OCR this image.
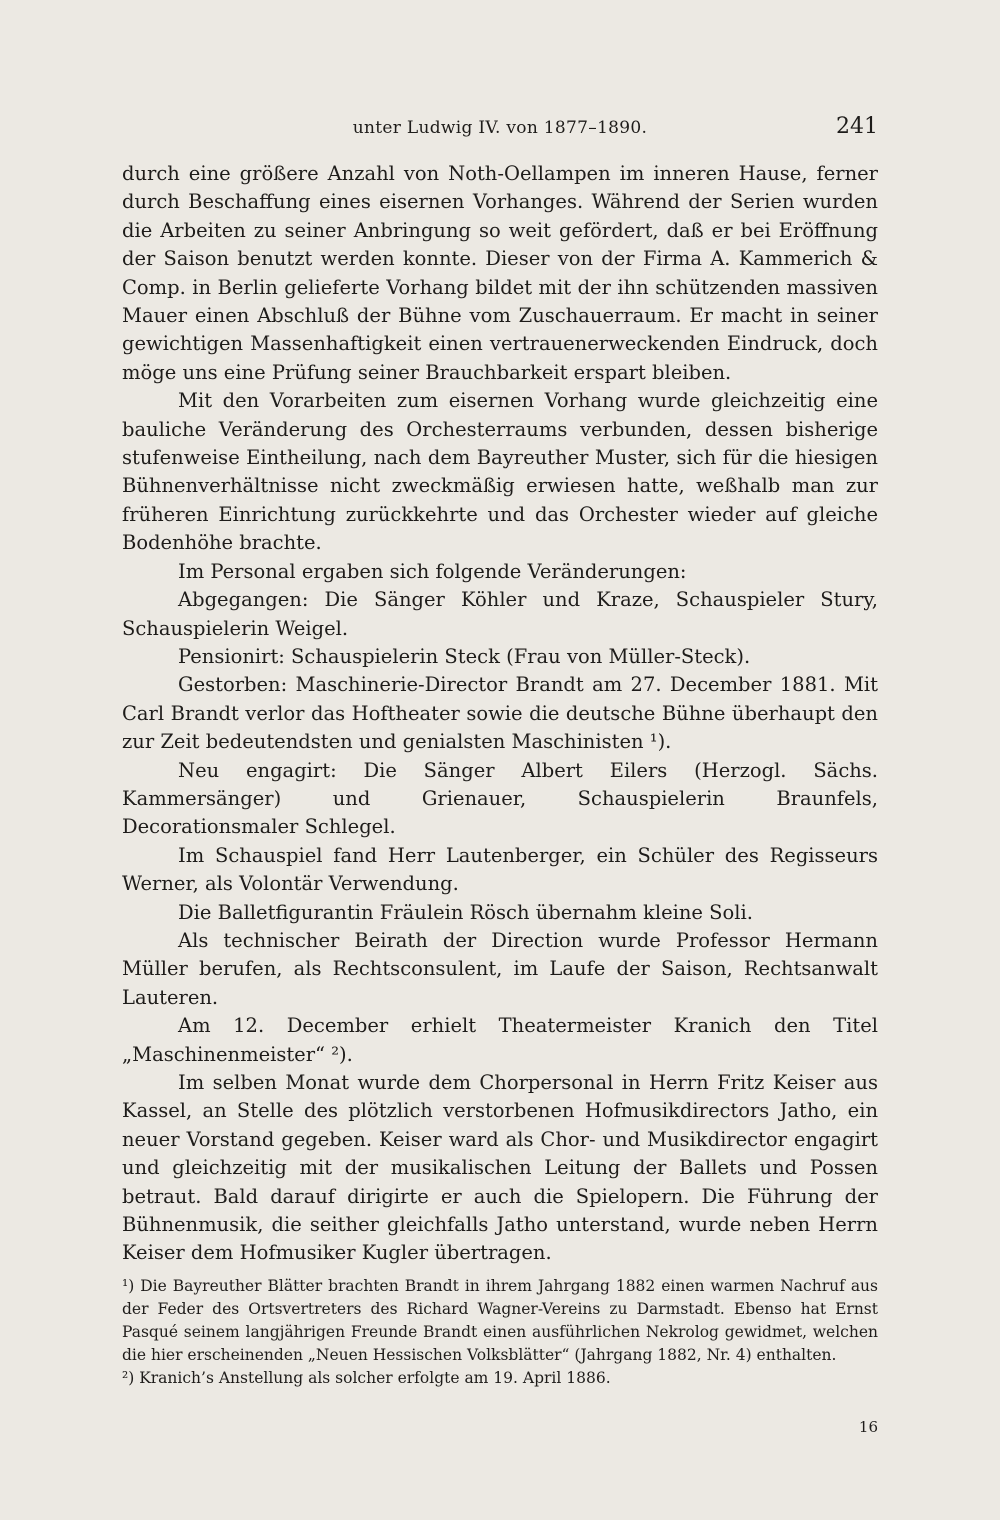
unter Ludwig IV. von 1877–1890.	241

durch eine größere Anzahl von Noth-Oellampen im inneren Hause, ferner durch Beschaffung eines eisernen Vorhanges. Während der Serien wurden die Arbeiten zu seiner Anbringung so weit gefördert, daß er bei Eröffnung der Saison benutzt werden konnte. Dieser von der Firma A. Kammerich & Comp. in Berlin gelieferte Vorhang bildet mit der ihn schützenden massiven Mauer einen Abschluß der Bühne vom Zuschauerraum. Er macht in seiner gewichtigen Massenhaftigkeit einen vertrauenerweckenden Eindruck, doch möge uns eine Prüfung seiner Brauchbarkeit erspart bleiben.

Mit den Vorarbeiten zum eisernen Vorhang wurde gleichzeitig eine bauliche Veränderung des Orchesterraums verbunden, dessen bisherige stufenweise Eintheilung, nach dem Bayreuther Muster, sich für die hiesigen Bühnenverhältnisse nicht zweckmäßig erwiesen hatte, weßhalb man zur früheren Einrichtung zurückkehrte und das Orchester wieder auf gleiche Bodenhöhe brachte.

Im Personal ergaben sich folgende Veränderungen:

Abgegangen: Die Sänger Köhler und Kraze, Schauspieler Stury, Schauspielerin Weigel.

Pensionirt: Schauspielerin Steck (Frau von Müller-Steck).

Gestorben: Maschinerie-Director Brandt am 27. December 1881. Mit Carl Brandt verlor das Hoftheater sowie die deutsche Bühne überhaupt den zur Zeit bedeutendsten und genialsten Maschinisten ¹).

Neu engagirt: Die Sänger Albert Eilers (Herzogl. Sächs. Kammersänger) und Grienauer, Schauspielerin Braunfels, Decorationsmaler Schlegel.

Im Schauspiel fand Herr Lautenberger, ein Schüler des Regisseurs Werner, als Volontär Verwendung.

Die Balletfigurantin Fräulein Rösch übernahm kleine Soli.

Als technischer Beirath der Direction wurde Professor Hermann Müller berufen, als Rechtsconsulent, im Laufe der Saison, Rechtsanwalt Lauteren.

Am 12. December erhielt Theatermeister Kranich den Titel „Maschinenmeister“ ²).

Im selben Monat wurde dem Chorpersonal in Herrn Fritz Keiser aus Kassel, an Stelle des plötzlich verstorbenen Hofmusikdirectors Jatho, ein neuer Vorstand gegeben. Keiser ward als Chor- und Musikdirector engagirt und gleichzeitig mit der musikalischen Leitung der Ballets und Possen betraut. Bald darauf dirigirte er auch die Spielopern. Die Führung der Bühnenmusik, die seither gleichfalls Jatho unterstand, wurde neben Herrn Keiser dem Hofmusiker Kugler übertragen.

¹) Die Bayreuther Blätter brachten Brandt in ihrem Jahrgang 1882 einen warmen Nachruf aus der Feder des Ortsvertreters des Richard Wagner-Vereins zu Darmstadt. Ebenso hat Ernst Pasqué seinem langjährigen Freunde Brandt einen ausführlichen Nekrolog gewidmet, welchen die hier erscheinenden „Neuen Hessischen Volksblätter“ (Jahrgang 1882, Nr. 4) enthalten.

²) Kranich’s Anstellung als solcher erfolgte am 19. April 1886.

16
